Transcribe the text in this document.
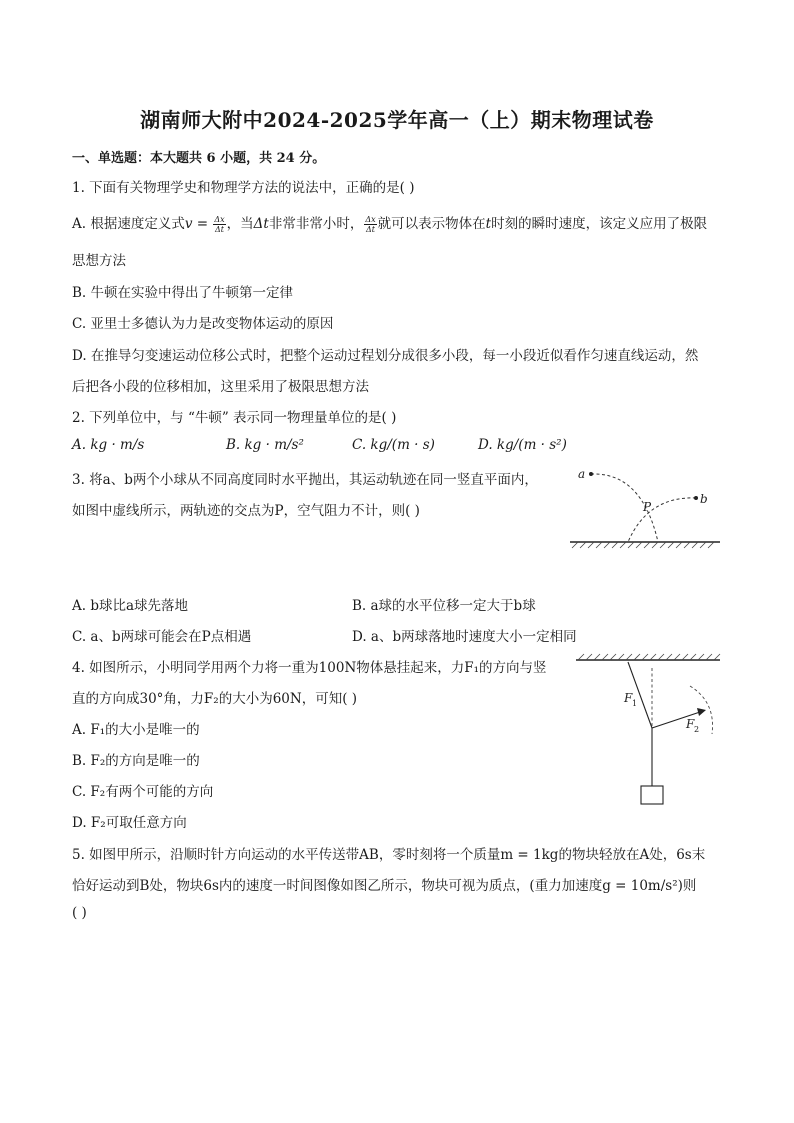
湖南师大附中2024-2025学年高一（上）期末物理试卷
一、单选题：本大题共 6 小题，共 24 分。
1. 下面有关物理学史和物理学方法的说法中，正确的是( )
A. 根据速度定义式$v = \frac{\Delta x}{\Delta t}$ ，当Δt非常非常小时， $\frac{\Delta x}{\Delta t}$ 就可以表示物体在t时刻的瞬时速度，该定义应用了极限
思想方法
B. 牛顿在实验中得出了牛顿第一定律
C. 亚里士多德认为力是改变物体运动的原因
D. 在推导匀变速运动位移公式时，把整个运动过程划分成很多小段，每一小段近似看作匀速直线运动，然
后把各小段的位移相加，这里采用了极限思想方法
2. 下列单位中，与 “牛顿” 表示同一物理量单位的是( )
A. kg · m/s	B. kg · m/s²	C. kg/(m · s)	D. kg/(m · s²)
3. 将a、b两个小球从不同高度同时水平抛出，其运动轨迹在同一竖直平面内，
如图中虚线所示，两轨迹的交点为P，空气阻力不计，则( )
a
b
P
A. b球比a球先落地	B. a球的水平位移一定大于b球
C. a、b两球可能会在P点相遇	D. a、b两球落地时速度大小一定相同
4. 如图所示，小明同学用两个力将一重为100N物体悬挂起来，力F₁的方向与竖
直的方向成30°角，力F₂的大小为60N，可知( )
A. F₁的大小是唯一的
B. F₂的方向是唯一的
C. F₂有两个可能的方向
D. F₂可取任意方向
F 1
F 2
5. 如图甲所示，沿顺时针方向运动的水平传送带AB，零时刻将一个质量m = 1kg的物块轻放在A处，6s末
恰好运动到B处，物块6s内的速度一时间图像如图乙所示，物块可视为质点，(重力加速度g = 10m/s²)则
( )
